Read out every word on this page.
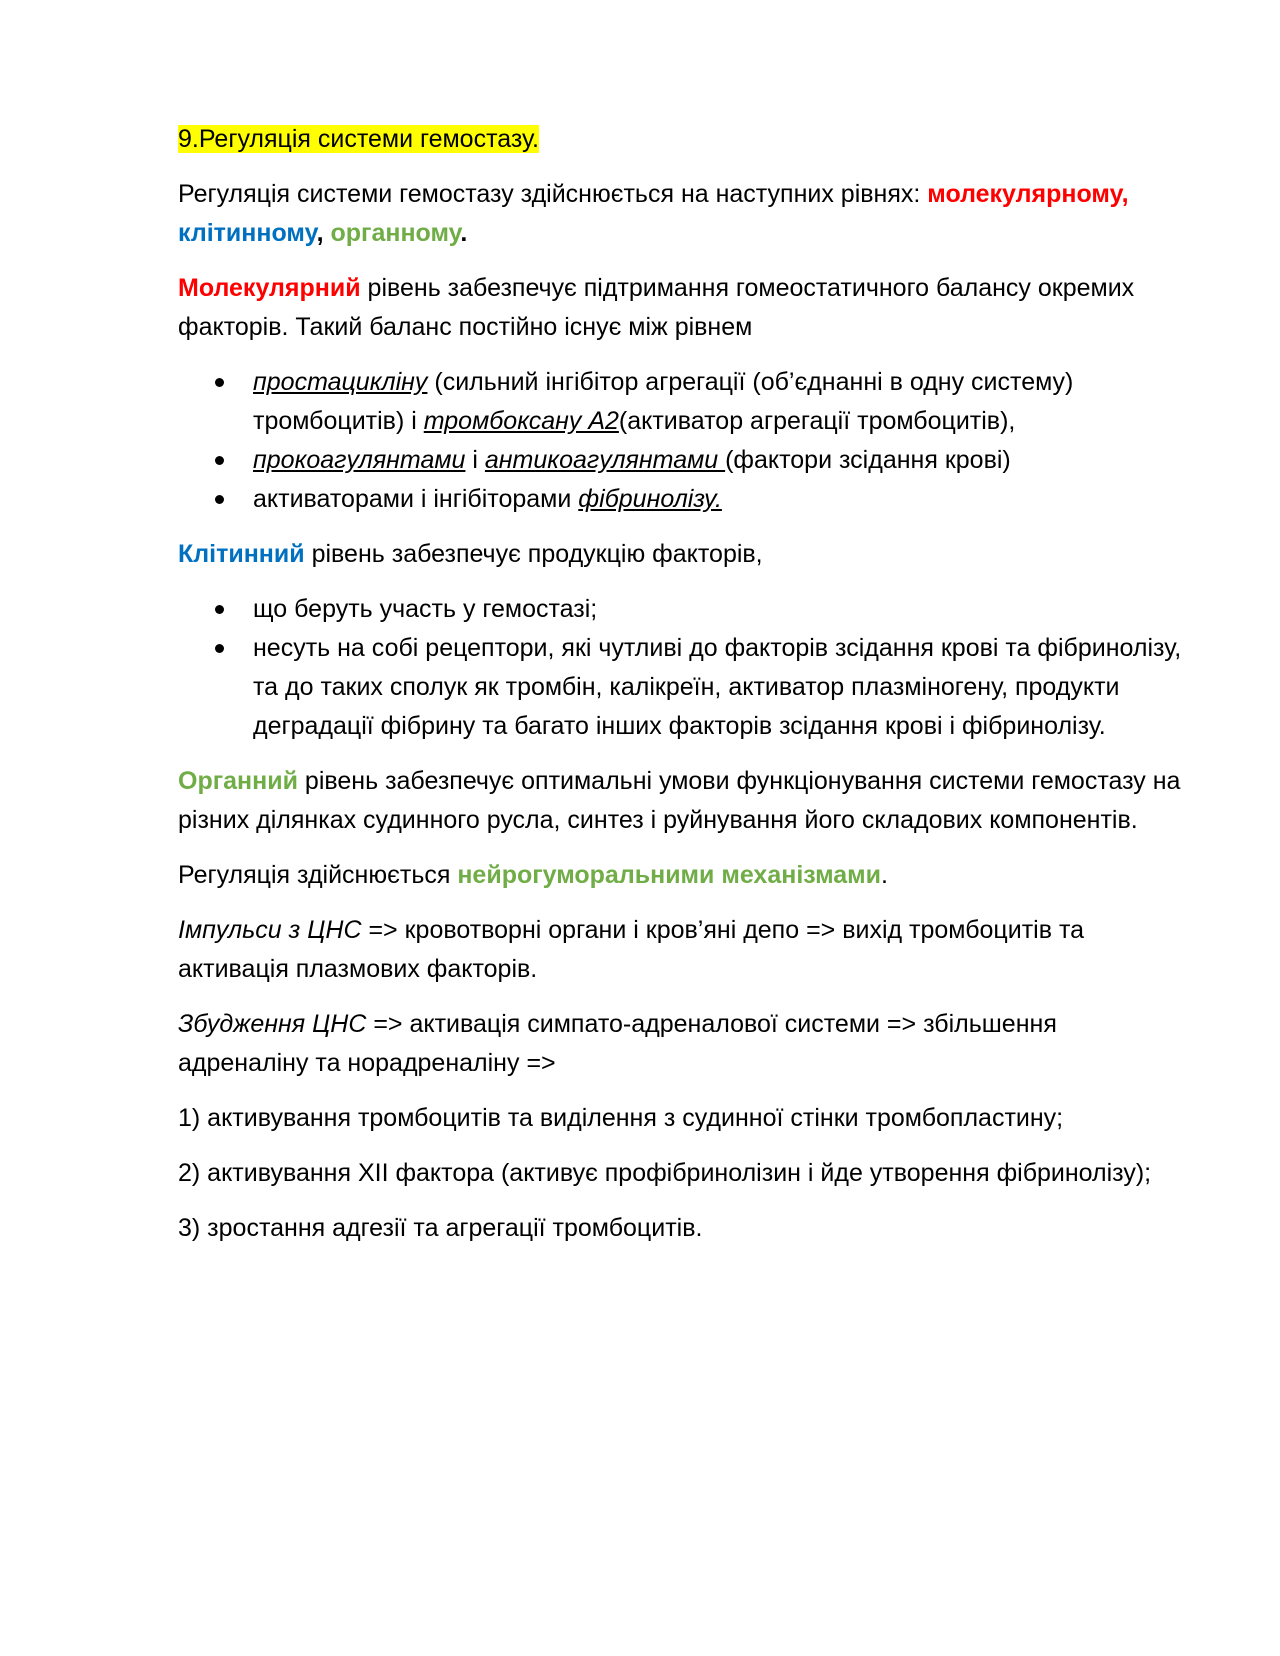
9.Регуляція системи гемостазу.

Регуляція системи гемостазу здійснюється на наступних рівнях: молекулярному, клітинному, органному.

Молекулярний рівень забезпечує підтримання гомеостатичного балансу окремих факторів. Такий баланс постійно існує між рівнем

простацикліну (сильний інгібітор агрегації (об’єднанні в одну систему) тромбоцитів) і тромбоксану А2(активатор агрегації тромбоцитів),
прокоагулянтами і антикоагулянтами (фактори зсідання крові)
активаторами і інгібіторами фібринолізу.

Клітинний рівень забезпечує продукцію факторів,

що беруть участь у гемостазі;
несуть на собі рецептори, які чутливі до факторів зсідання крові та фібринолізу, та до таких сполук як тромбін, калікреїн, активатор плазміногену, продукти деградації фібрину та багато інших факторів зсідання крові і фібринолізу.

Органний рівень забезпечує оптимальні умови функціонування системи гемостазу на різних ділянках судинного русла, синтез і руйнування його складових компонентів.

Регуляція здійснюється нейрогуморальними механізмами.

Імпульси з ЦНС => кровотворні органи і кров’яні депо => вихід тромбоцитів та активація плазмових факторів.

Збудження ЦНС => активація симпато-адреналової системи => збільшення адреналіну та норадреналіну =>

1) активування тромбоцитів та виділення з судинної стінки тромбопластину;

2) активування XII фактора (активує профібринолізин і йде утворення фібринолізу);

3) зростання адгезії та агрегації тромбоцитів.
